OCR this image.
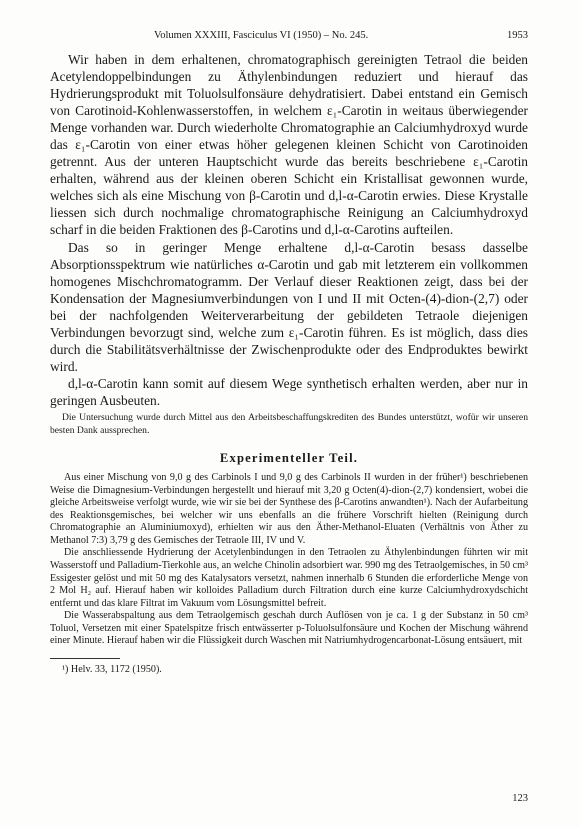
Volumen XXXIII, Fasciculus VI (1950) – No. 245.	1953

Wir haben in dem erhaltenen, chromatographisch gereinigten Tetraol die beiden Acetylendoppelbindungen zu Äthylenbindungen reduziert und hierauf das Hydrierungsprodukt mit Toluolsulfonsäure dehydratisiert. Dabei entstand ein Gemisch von Carotinoid-Kohlenwasserstoffen, in welchem ε₁-Carotin in weitaus überwiegender Menge vorhanden war. Durch wiederholte Chromatographie an Calciumhydroxyd wurde das ε₁-Carotin von einer etwas höher gelegenen kleinen Schicht von Carotinoiden getrennt. Aus der unteren Hauptschicht wurde das bereits beschriebene ε₁-Carotin erhalten, während aus der kleinen oberen Schicht ein Kristallisat gewonnen wurde, welches sich als eine Mischung von β-Carotin und d,l-α-Carotin erwies. Diese Krystalle liessen sich durch nochmalige chromatographische Reinigung an Calciumhydroxyd scharf in die beiden Fraktionen des β-Carotins und d,l-α-Carotins aufteilen.

Das so in geringer Menge erhaltene d,l-α-Carotin besass dasselbe Absorptionsspektrum wie natürliches α-Carotin und gab mit letzterem ein vollkommen homogenes Mischchromatogramm. Der Verlauf dieser Reaktionen zeigt, dass bei der Kondensation der Magnesiumverbindungen von I und II mit Octen-(4)-dion-(2,7) oder bei der nachfolgenden Weiterverarbeitung der gebildeten Tetraole diejenigen Verbindungen bevorzugt sind, welche zum ε₁-Carotin führen. Es ist möglich, dass dies durch die Stabilitätsverhältnisse der Zwischenprodukte oder des Endproduktes bewirkt wird.

d,l-α-Carotin kann somit auf diesem Wege synthetisch erhalten werden, aber nur in geringen Ausbeuten.

Die Untersuchung wurde durch Mittel aus den Arbeitsbeschaffungskrediten des Bundes unterstützt, wofür wir unseren besten Dank aussprechen.

Experimenteller Teil.

Aus einer Mischung von 9,0 g des Carbinols I und 9,0 g des Carbinols II wurden in der früher¹) beschriebenen Weise die Dimagnesium-Verbindungen hergestellt und hierauf mit 3,20 g Octen(4)-dion-(2,7) kondensiert, wobei die gleiche Arbeitsweise verfolgt wurde, wie wir sie bei der Synthese des β-Carotins anwandten¹). Nach der Aufarbeitung des Reaktionsgemisches, bei welcher wir uns ebenfalls an die frühere Vorschrift hielten (Reinigung durch Chromatographie an Aluminiumoxyd), erhielten wir aus den Äther-Methanol-Eluaten (Verhältnis von Äther zu Methanol 7:3) 3,79 g des Gemisches der Tetraole III, IV und V.

Die anschliessende Hydrierung der Acetylenbindungen in den Tetraolen zu Äthylenbindungen führten wir mit Wasserstoff und Palladium-Tierkohle aus, an welche Chinolin adsorbiert war. 990 mg des Tetraolgemisches, in 50 cm³ Essigester gelöst und mit 50 mg des Katalysators versetzt, nahmen innerhalb 6 Stunden die erforderliche Menge von 2 Mol H₂ auf. Hierauf haben wir kolloides Palladium durch Filtration durch eine kurze Calciumhydroxydschicht entfernt und das klare Filtrat im Vakuum vom Lösungsmittel befreit.

Die Wasserabspaltung aus dem Tetraolgemisch geschah durch Auflösen von je ca. 1 g der Substanz in 50 cm³ Toluol, Versetzen mit einer Spatelspitze frisch entwässerter p-Toluolsulfonsäure und Kochen der Mischung während einer Minute. Hierauf haben wir die Flüssigkeit durch Waschen mit Natriumhydrogencarbonat-Lösung entsäuert, mit

¹) Helv. 33, 1172 (1950).
123
